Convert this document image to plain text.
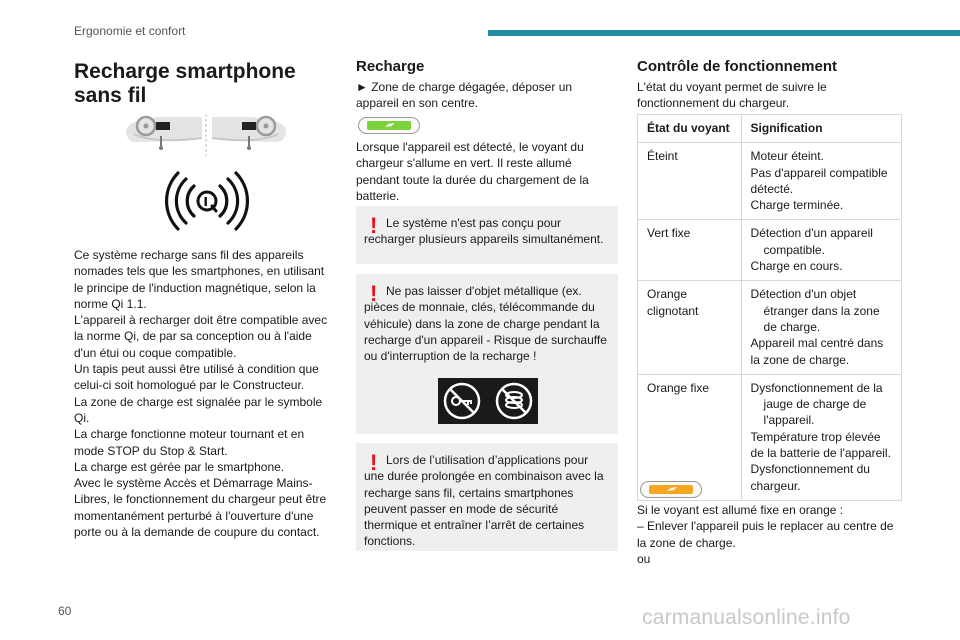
Ergonomie et confort
Recharge smartphone sans fil

Ce système recharge sans fil des appareils nomades tels que les smartphones, en utilisant le principe de l'induction magnétique, selon la norme Qi 1.1.

L'appareil à recharger doit être compatible avec la norme Qi, de par sa conception ou à l'aide d'un étui ou coque compatible.

Un tapis peut aussi être utilisé à condition que celui-ci soit homologué par le Constructeur.

La zone de charge est signalée par le symbole Qi.

La charge fonctionne moteur tournant et en mode STOP du Stop & Start.

La charge est gérée par le smartphone.

Avec le système Accès et Démarrage Mains-Libres, le fonctionnement du chargeur peut être momentanément perturbé à l'ouverture d'une porte ou à la demande de coupure du contact.

Recharge
► Zone de charge dégagée, déposer un appareil en son centre.
Lorsque l'appareil est détecté, le voyant du chargeur s'allume en vert. Il reste allumé pendant toute la durée du chargement de la batterie.
! Le système n'est pas conçu pour recharger plusieurs appareils simultanément.

! Ne pas laisser d'objet métallique (ex. pièces de monnaie, clés, télécommande du véhicule) dans la zone de charge pendant la recharge d'un appareil - Risque de surchauffe ou d'interruption de la recharge !

! Lors de l’utilisation d’applications pour une durée prolongée en combinaison avec la recharge sans fil, certains smartphones peuvent passer en mode de sécurité thermique et entraîner l’arrêt de certaines fonctions.

Contrôle de fonctionnement
L'état du voyant permet de suivre le fonctionnement du chargeur.
État du voyant	Signification
Éteint	Moteur éteint.
Pas d'appareil compatible détecté.
Charge terminée.

Vert fixe	Détection d'un appareil compatible.
Charge en cours.

Orange clignotant	Détection d'un objet étranger dans la zone de charge.
Appareil mal centré dans la zone de charge.

Orange fixe	Dysfonctionnement de la jauge de charge de l'appareil.
Température trop élevée de la batterie de l'appareil.
Dysfonctionnement du chargeur.
Si le voyant est allumé fixe en orange :
– Enlever l'appareil puis le replacer au centre de la zone de charge.
ou
60	carmanualsonline.info
